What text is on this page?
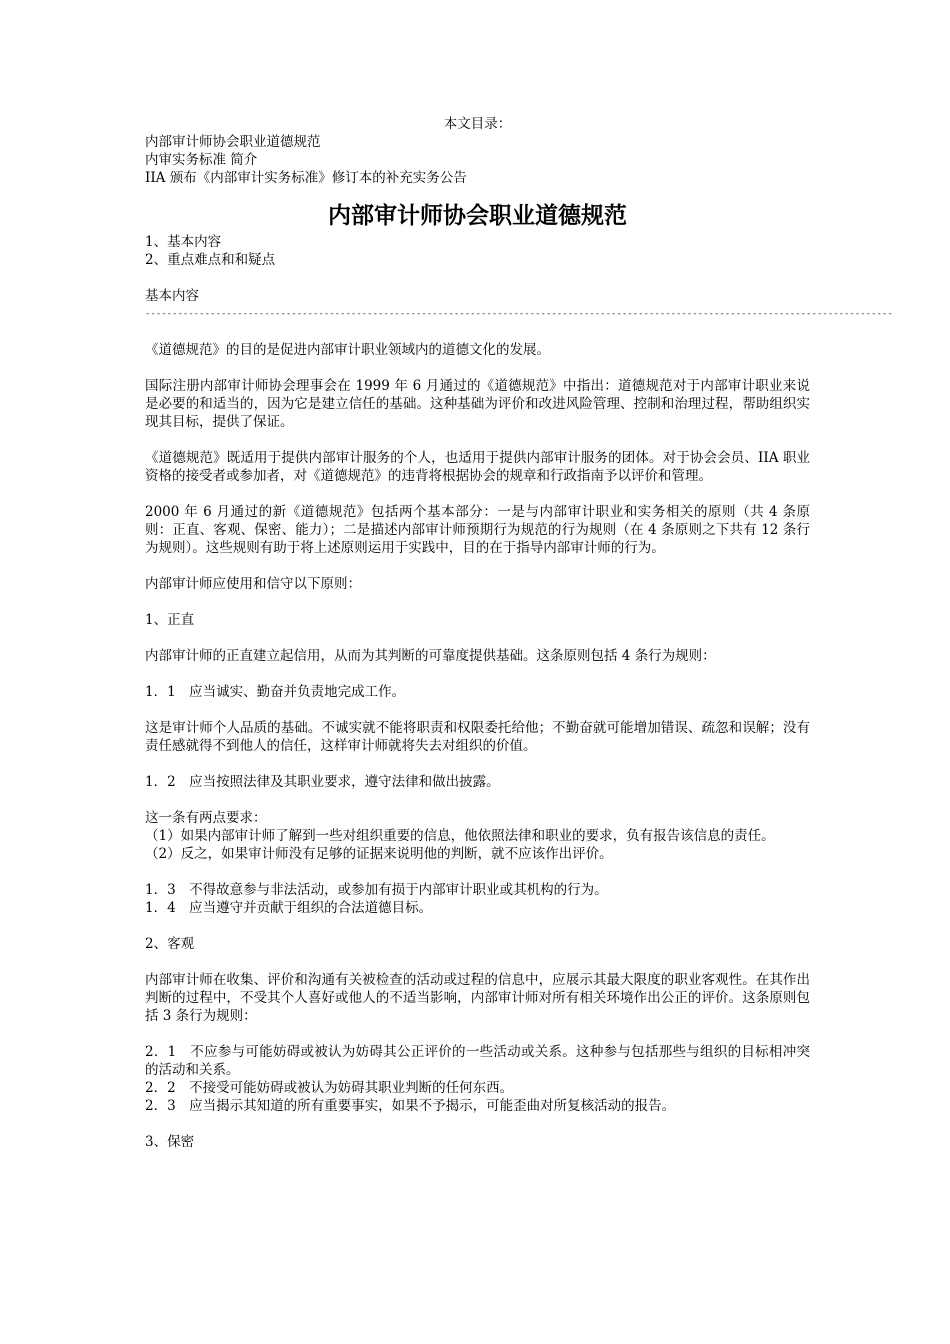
本文目录：

内部审计师协会职业道德规范

内审实务标准 简介

IIA 颁布《内部审计实务标准》修订本的补充实务公告

内部审计师协会职业道德规范

1、基本内容

2、重点难点和和疑点

基本内容

------------------------------------------------------------------------------------------------------------------------------------------

《道德规范》的目的是促进内部审计职业领域内的道德文化的发展。

国际注册内部审计师协会理事会在 1999 年 6 月通过的《道德规范》中指出：道德规范对于内部审计职业来说是必要的和适当的，因为它是建立信任的基础。这种基础为评价和改进风险管理、控制和治理过程，帮助组织实现其目标，提供了保证。

《道德规范》既适用于提供内部审计服务的个人，也适用于提供内部审计服务的团体。对于协会会员、IIA 职业资格的接受者或参加者，对《道德规范》的违背将根据协会的规章和行政指南予以评价和管理。

2000 年 6 月通过的新《道德规范》包括两个基本部分：一是与内部审计职业和实务相关的原则（共 4 条原则：正直、客观、保密、能力）；二是描述内部审计师预期行为规范的行为规则（在 4 条原则之下共有 12 条行为规则）。这些规则有助于将上述原则运用于实践中，目的在于指导内部审计师的行为。

内部审计师应使用和信守以下原则：

1、正直

内部审计师的正直建立起信用，从而为其判断的可靠度提供基础。这条原则包括 4 条行为规则：

1．1　应当诚实、勤奋并负责地完成工作。

这是审计师个人品质的基础。不诚实就不能将职责和权限委托给他；不勤奋就可能增加错误、疏忽和误解；没有责任感就得不到他人的信任，这样审计师就将失去对组织的价值。

1．2　应当按照法律及其职业要求，遵守法律和做出披露。

这一条有两点要求：

（1）如果内部审计师了解到一些对组织重要的信息，他依照法律和职业的要求，负有报告该信息的责任。

（2）反之，如果审计师没有足够的证据来说明他的判断，就不应该作出评价。

1．3　不得故意参与非法活动，或参加有损于内部审计职业或其机构的行为。

1．4　应当遵守并贡献于组织的合法道德目标。

2、客观

内部审计师在收集、评价和沟通有关被检查的活动或过程的信息中，应展示其最大限度的职业客观性。在其作出判断的过程中，不受其个人喜好或他人的不适当影响，内部审计师对所有相关环境作出公正的评价。这条原则包括 3 条行为规则：

2．1　不应参与可能妨碍或被认为妨碍其公正评价的一些活动或关系。这种参与包括那些与组织的目标相冲突的活动和关系。

2．2　不接受可能妨碍或被认为妨碍其职业判断的任何东西。

2．3　应当揭示其知道的所有重要事实，如果不予揭示，可能歪曲对所复核活动的报告。

3、保密
